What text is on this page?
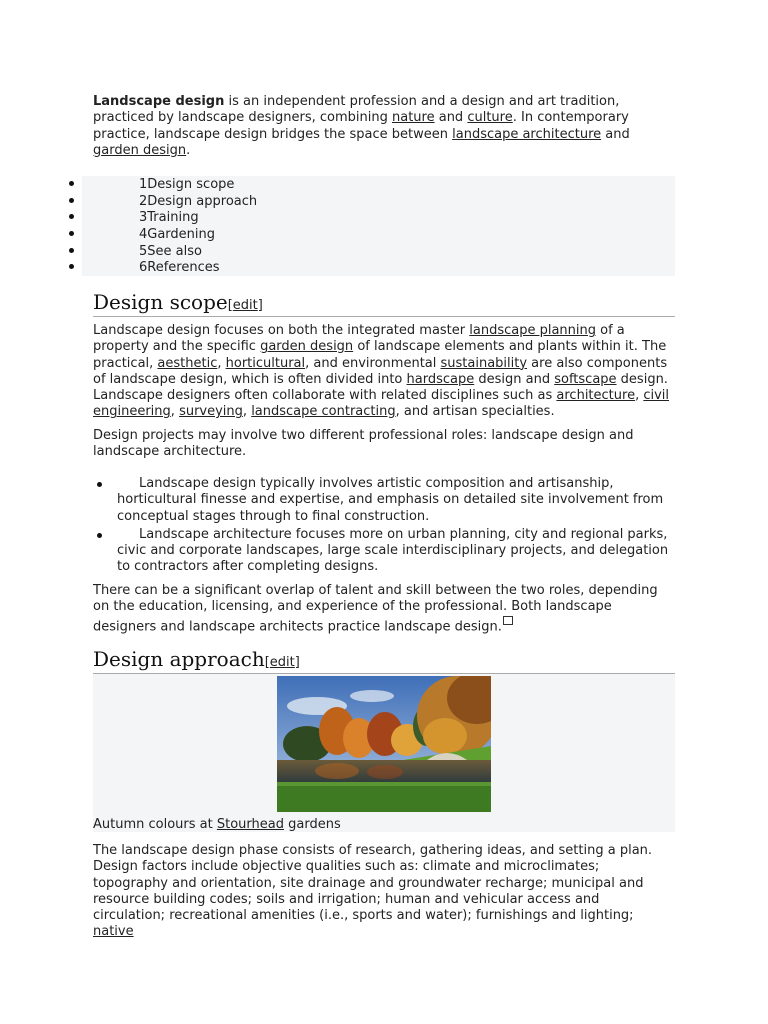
Landscape design is an independent profession and a design and art tradition, practiced by landscape designers, combining nature and culture. In contemporary practice, landscape design bridges the space between landscape architecture and garden design.
1Design scope
2Design approach
3Training
4Gardening
5See also
6References
Design scope[edit]
Landscape design focuses on both the integrated master landscape planning of a property and the specific garden design of landscape elements and plants within it. The practical, aesthetic, horticultural, and environmental sustainability are also components of landscape design, which is often divided into hardscape design and softscape design. Landscape designers often collaborate with related disciplines such as architecture, civil engineering, surveying, landscape contracting, and artisan specialties.
Design projects may involve two different professional roles: landscape design and landscape architecture.
Landscape design typically involves artistic composition and artisanship, horticultural finesse and expertise, and emphasis on detailed site involvement from conceptual stages through to final construction.
Landscape architecture focuses more on urban planning, city and regional parks, civic and corporate landscapes, large scale interdisciplinary projects, and delegation to contractors after completing designs.
There can be a significant overlap of talent and skill between the two roles, depending on the education, licensing, and experience of the professional. Both landscape designers and landscape architects practice landscape design.
Design approach[edit]
Autumn colours at Stourhead gardens
The landscape design phase consists of research, gathering ideas, and setting a plan. Design factors include objective qualities such as: climate and microclimates; topography and orientation, site drainage and groundwater recharge; municipal and resource building codes; soils and irrigation; human and vehicular access and circulation; recreational amenities (i.e., sports and water); furnishings and lighting; native
